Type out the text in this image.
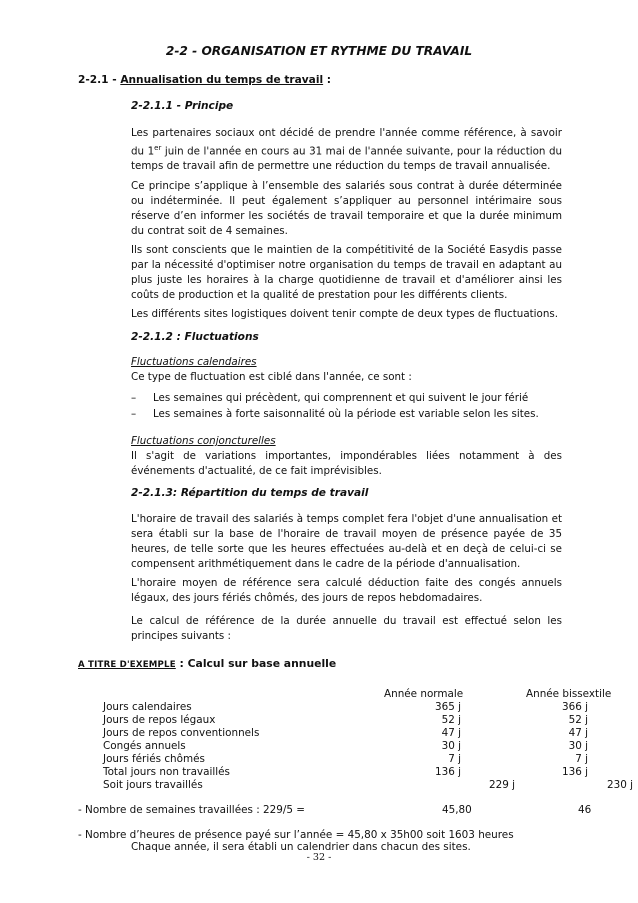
2-2 - ORGANISATION ET RYTHME DU TRAVAIL
2-2.1 - Annualisation du temps de travail :
2-2.1.1 - Principe

Les partenaires sociaux ont décidé de prendre l'année comme référence, à savoir du 1er juin de l'année en cours au 31 mai de l'année suivante, pour la réduction du temps de travail afin de permettre une réduction du temps de travail annualisée.

Ce principe s’applique à l’ensemble des salariés sous contrat à durée déterminée ou indéterminée. Il peut également s’appliquer au personnel intérimaire sous réserve d’en informer les sociétés de travail temporaire et que la durée minimum du contrat soit de 4 semaines.

Ils sont conscients que le maintien de la compétitivité de la Société Easydis passe par la nécessité d'optimiser notre organisation du temps de travail en adaptant au plus juste les horaires à la charge quotidienne de travail et d'améliorer ainsi les coûts de production et la qualité de prestation pour les différents clients.

Les différents sites logistiques doivent tenir compte de deux types de fluctuations.

2-2.1.2 : Fluctuations
Fluctuations calendaires
Ce type de fluctuation est ciblé dans l'année, ce sont :
– Les semaines qui précèdent, qui comprennent et qui suivent le jour férié
– Les semaines à forte saisonnalité où la période est variable selon les sites.
Fluctuations conjoncturelles
Il s'agit de variations importantes, impondérables liées notamment à des événements d'actualité, de ce fait imprévisibles.
2-2.1.3: Répartition du temps de travail

L'horaire de travail des salariés à temps complet fera l'objet d'une annualisation et sera établi sur la base de l'horaire de travail moyen de présence payée de 35 heures, de telle sorte que les heures effectuées au-delà et en deçà de celui-ci se compensent arithmétiquement dans le cadre de la période d'annualisation.

L'horaire moyen de référence sera calculé déduction faite des congés annuels légaux, des jours fériés chômés, des jours de repos hebdomadaires.

Le calcul de référence de la durée annuelle du travail est effectué selon les principes suivants :

A TITRE D'EXEMPLE : Calcul sur base annuelle
Année normale	Année bissextile
Jours calendaires	365 j	366 j
Jours de repos légaux	52 j	52 j
Jours de repos conventionnels	47 j	47 j
Congés annuels	30 j	30 j
Jours fériés chômés	7 j	7 j
Total jours non travaillés	136 j	136 j
Soit jours travaillés	229 j	230 j
- Nombre de semaines travaillées : 229/5 =	45,80	46
- Nombre d’heures de présence payé sur l’année = 45,80 x 35h00 soit 1603 heures
Chaque année, il sera établi un calendrier dans chacun des sites.
- 32 -
